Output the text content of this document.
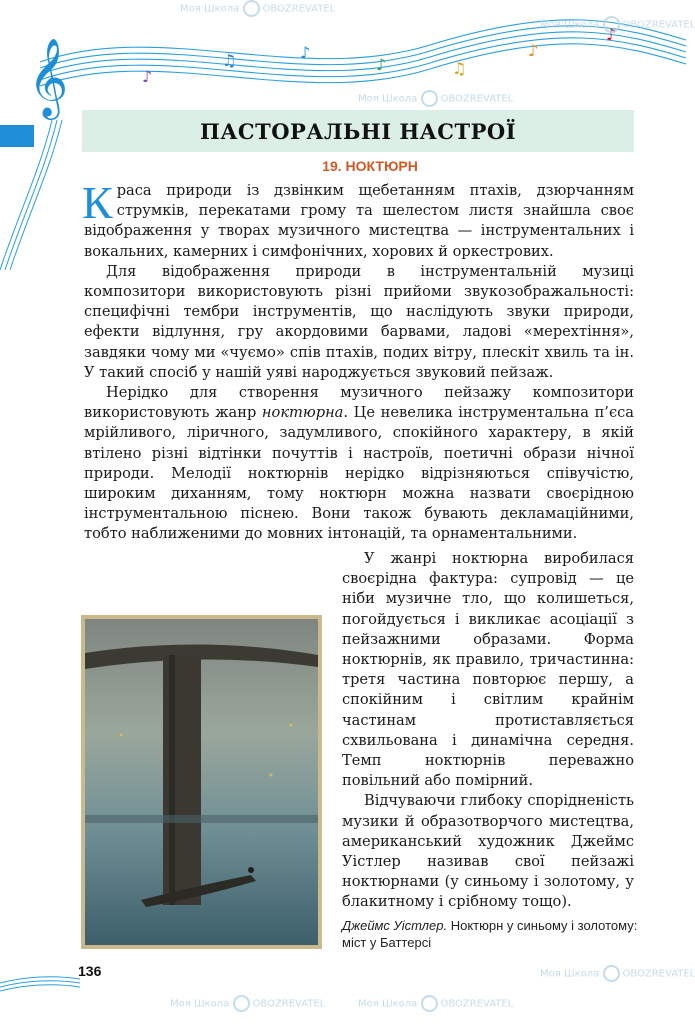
♪
♫	♪
♪	♫
♪
♪
𝄞
ПАСТОРАЛЬНІ НАСТРОЇ
19. НОКТЮРН

Краса природи із дзвінким щебетанням птахів, дзюрчанням струмків, перекатами грому та шелестом листя знайшла своє відображення у творах музичного мистецтва — інструментальних і вокальних, камерних і симфонічних, хорових й оркестрових.

Для відображення природи в інструментальній музиці композитори використовують різні прийоми звукозображальності: специфічні тембри інструментів, що наслідують звуки природи, ефекти відлуння, гру акордовими барвами, ладові «мерехтіння», завдяки чому ми «чуємо» спів птахів, подих вітру, плескіт хвиль та ін. У такий спосіб у нашій уяві народжується звуковий пейзаж.

Нерідко для створення музичного пейзажу композитори використовують жанр ноктюрна. Це невелика інструментальна п’єса мрійливого, ліричного, задумливого, спокійного характеру, в якій втілено різні відтінки почуттів і настроїв, поетичні образи нічної природи. Мелодії ноктюрнів нерідко відрізняються співучістю, широким диханням, тому ноктюрн можна назвати своєрідною інструментальною піснею. Вони також бувають декламаційними, тобто наближеними до мовних інтонацій, та орнаментальними.

У жанрі ноктюрна виробилася своєрідна фактура: супровід — це ніби музичне тло, що колишеться, погойдується і викликає асоціації з пейзажними образами. Форма ноктюрнів, як правило, тричастинна: третя частина повторює першу, а спокійним і світлим крайнім частинам протиставляється схвильована і динамічна середня. Темп ноктюрнів переважно повільний або помірний.

Відчуваючи глибоку спорідненість музики й образотворчого мистецтва, американський художник Джеймс Уістлер називав свої пейзажі ноктюрнами (у синьому і золотому, у блакитному і срібному тощо).

Джеймс Уістлер. Ноктюрн у синьому і золотому: міст у Баттерсі
136
Моя Школа OBOZREVATEL
Моя Школа OBOZREVATEL
Моя Школа OBOZREVATEL
Моя Школа OBOZREVATEL	Моя Школа OBOZREVATEL
Моя Школа OBOZREVATEL
